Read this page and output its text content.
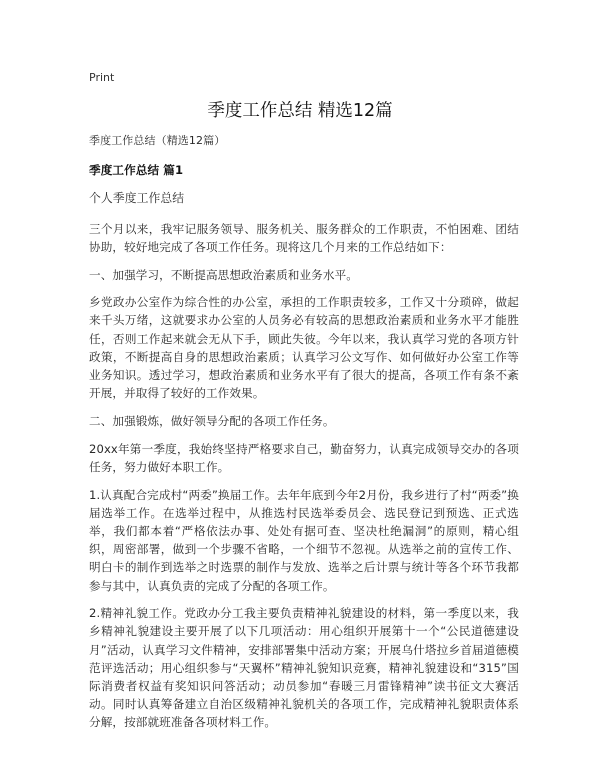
Print
季度工作总结 精选12篇

季度工作总结（精选12篇）

季度工作总结 篇1

个人季度工作总结

三个月以来，我牢记服务领导、服务机关、服务群众的工作职责，不怕困难、团结协助，较好地完成了各项工作任务。现将这几个月来的工作总结如下：

一、加强学习，不断提高思想政治素质和业务水平。

乡党政办公室作为综合性的办公室，承担的工作职责较多，工作又十分琐碎，做起来千头万绪，这就要求办公室的人员务必有较高的思想政治素质和业务水平才能胜任，否则工作起来就会无从下手，顾此失彼。今年以来，我认真学习党的各项方针政策，不断提高自身的思想政治素质；认真学习公文写作、如何做好办公室工作等业务知识。透过学习，想政治素质和业务水平有了很大的提高，各项工作有条不紊开展，并取得了较好的工作效果。

二、加强锻炼，做好领导分配的各项工作任务。

20xx年第一季度，我始终坚持严格要求自己，勤奋努力，认真完成领导交办的各项任务，努力做好本职工作。

1.认真配合完成村“两委”换届工作。去年年底到今年2月份，我乡进行了村“两委”换届选举工作。在选举过程中，从推选村民选举委员会、选民登记到预选、正式选举，我们都本着“严格依法办事、处处有据可查、坚决杜绝漏洞”的原则，精心组织，周密部署，做到一个步骤不省略，一个细节不忽视。从选举之前的宣传工作、明白卡的制作到选举之时选票的制作与发放、选举之后计票与统计等各个环节我都参与其中，认真负责的完成了分配的各项工作。

2.精神礼貌工作。党政办分工我主要负责精神礼貌建设的材料，第一季度以来，我乡精神礼貌建设主要开展了以下几项活动：用心组织开展第十一个“公民道德建设月”活动，认真学习文件精神，安排部署集中活动方案；开展乌什塔拉乡首届道德模范评选活动；用心组织参与“天翼杯”精神礼貌知识竞赛，精神礼貌建设和“315”国际消费者权益有奖知识问答活动；动员参加“春暖三月雷锋精神”读书征文大赛活动。同时认真筹备建立自治区级精神礼貌机关的各项工作，完成精神礼貌职责体系分解，按部就班准备各项材料工作。
